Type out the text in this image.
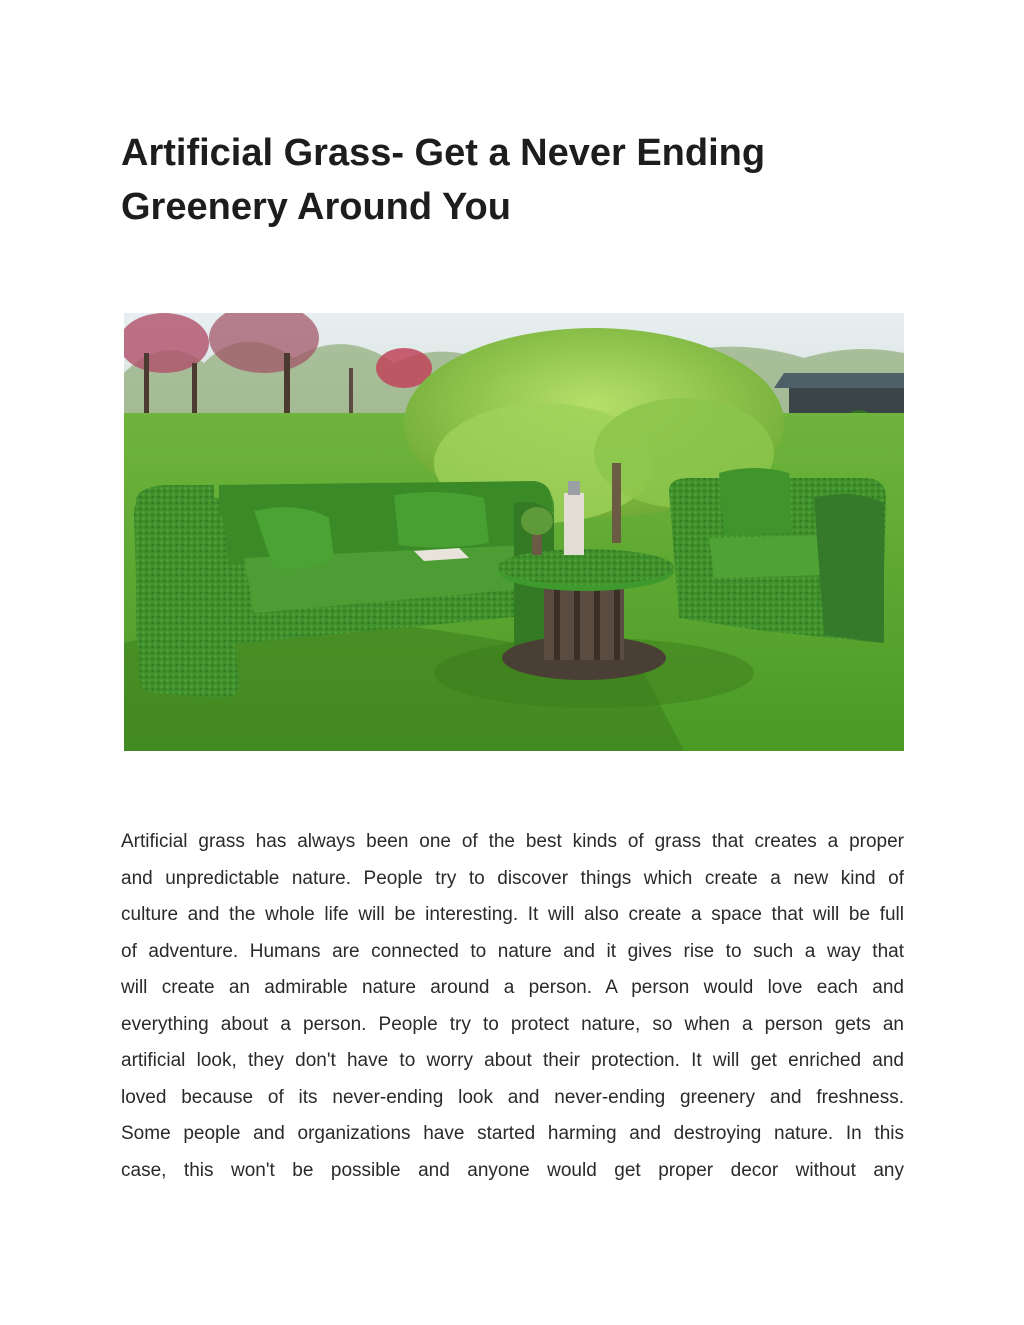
Artificial Grass- Get a Never Ending
Greenery Around You
Artificial grass has always been one of the best kinds of grass that creates a proper
and unpredictable nature. People try to discover things which create a new kind of
culture and the whole life will be interesting. It will also create a space that will be full
of adventure. Humans are connected to nature and it gives rise to such a way that
will create an admirable nature around a person. A person would love each and
everything about a person. People try to protect nature, so when a person gets an
artificial look, they don't have to worry about their protection. It will get enriched and
loved because of its never-ending look and never-ending greenery and freshness.
Some people and organizations have started harming and destroying nature. In this
case, this won't be possible and anyone would get proper decor without any
